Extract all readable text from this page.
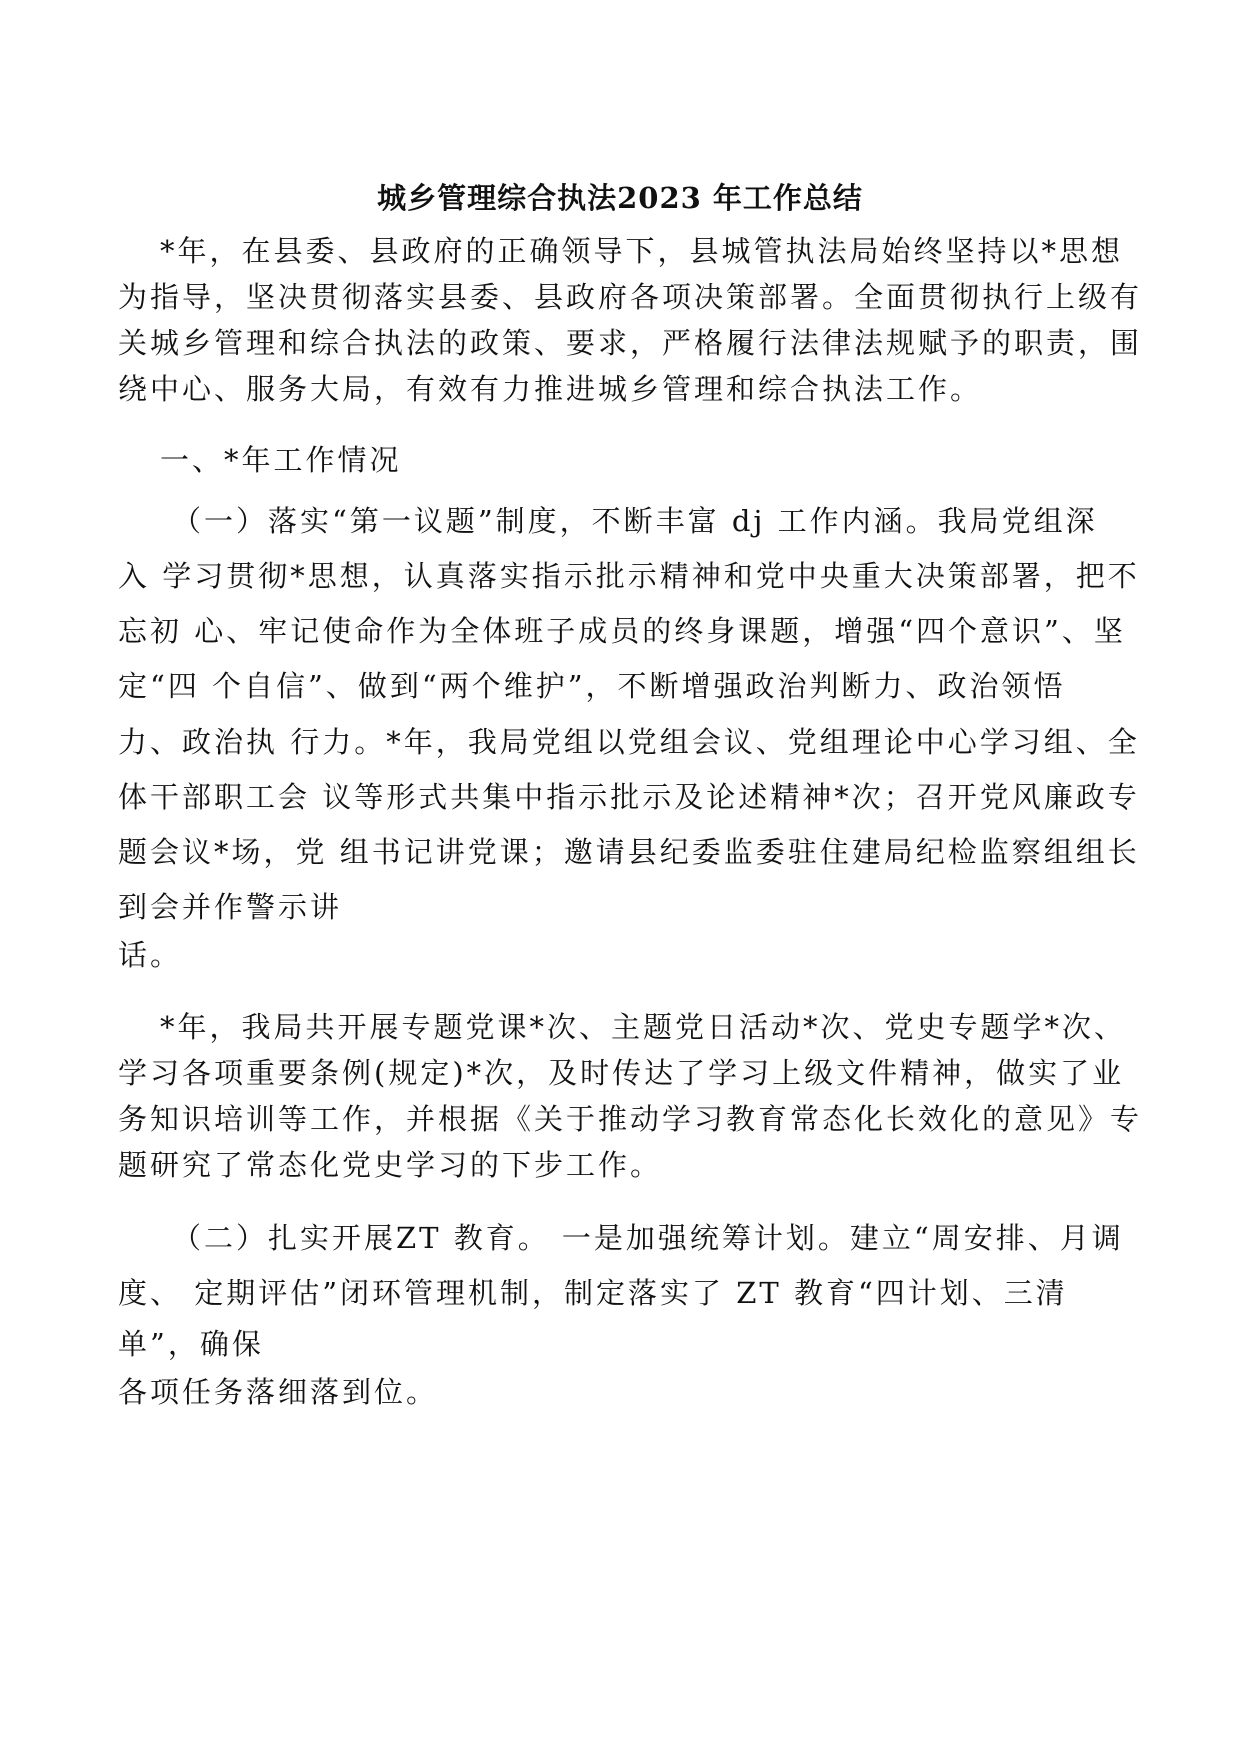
城乡管理综合执法2023 年工作总结
*年，在县委、县政府的正确领导下，县城管执法局始终坚持以*思想
为指导，坚决贯彻落实县委、县政府各项决策部署。全面贯彻执行上级有
关城乡管理和综合执法的政策、要求，严格履行法律法规赋予的职责，围
绕中心、服务大局，有效有力推进城乡管理和综合执法工作。
一、*年工作情况
（一）落实“第一议题”制度，不断丰富 dj 工作内涵。我局党组深
入 学习贯彻*思想，认真落实指示批示精神和党中央重大决策部署，把不
忘初 心、牢记使命作为全体班子成员的终身课题，增强“四个意识”、坚
定“四 个自信”、做到“两个维护”，不断增强政治判断力、政治领悟
力、政治执 行力。*年，我局党组以党组会议、党组理论中心学习组、全
体干部职工会 议等形式共集中指示批示及论述精神*次；召开党风廉政专
题会议*场，党 组书记讲党课；邀请县纪委监委驻住建局纪检监察组组长
到会并作警示讲
话。
*年，我局共开展专题党课*次、主题党日活动*次、党史专题学*次、
学习各项重要条例(规定)*次，及时传达了学习上级文件精神，做实了业
务知识培训等工作，并根据《关于推动学习教育常态化长效化的意见》专
题研究了常态化党史学习的下步工作。
（二）扎实开展ZT 教育。 一是加强统筹计划。建立“周安排、月调
度、 定期评估”闭环管理机制，制定落实了 ZT 教育“四计划、三清
单”，确保
各项任务落细落到位。
